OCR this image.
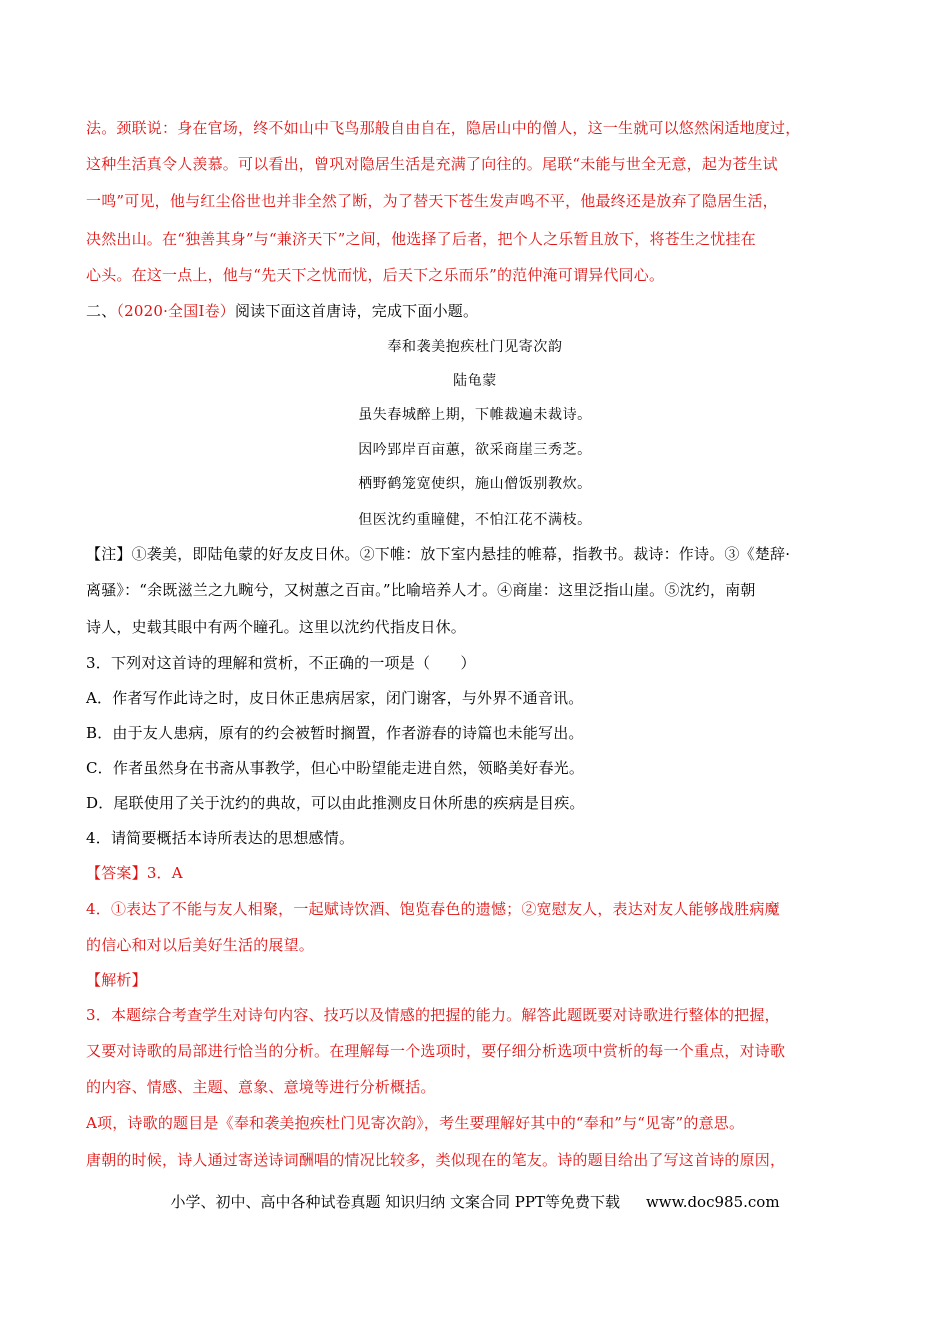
法。颈联说：身在官场，终不如山中飞鸟那般自由自在，隐居山中的僧人，这一生就可以悠然闲适地度过，
这种生活真令人羡慕。可以看出，曾巩对隐居生活是充满了向往的。尾联“未能与世全无意，起为苍生试
一鸣”可见，他与红尘俗世也并非全然了断，为了替天下苍生发声鸣不平，他最终还是放弃了隐居生活，
决然出山。在“独善其身”与“兼济天下”之间，他选择了后者，把个人之乐暂且放下，将苍生之忧挂在
心头。在这一点上，他与“先天下之忧而忧，后天下之乐而乐”的范仲淹可谓异代同心。
二、（2020·全国Ⅰ卷）阅读下面这首唐诗，完成下面小题。
奉和袭美抱疾杜门见寄次韵
陆龟蒙
虽失春城醉上期，下帷裁遍未裁诗。
因吟郢岸百亩蕙，欲采商崖三秀芝。
栖野鹤笼宽使织，施山僧饭别教炊。
但医沈约重瞳健，不怕江花不满枝。
【注】①袭美，即陆龟蒙的好友皮日休。②下帷：放下室内悬挂的帷幕，指教书。裁诗：作诗。③《楚辞·
离骚》：“余既滋兰之九畹兮，又树蕙之百亩。”比喻培养人才。④商崖：这里泛指山崖。⑤沈约，南朝
诗人，史载其眼中有两个瞳孔。这里以沈约代指皮日休。
3．下列对这首诗的理解和赏析，不正确的一项是（　　）
A．作者写作此诗之时，皮日休正患病居家，闭门谢客，与外界不通音讯。
B．由于友人患病，原有的约会被暂时搁置，作者游春的诗篇也未能写出。
C．作者虽然身在书斋从事教学，但心中盼望能走进自然，领略美好春光。
D．尾联使用了关于沈约的典故，可以由此推测皮日休所患的疾病是目疾。
4．请简要概括本诗所表达的思想感情。
【答案】3．A
4．①表达了不能与友人相聚，一起赋诗饮酒、饱览春色的遗憾；②宽慰友人，表达对友人能够战胜病魔
的信心和对以后美好生活的展望。
【解析】
3．本题综合考查学生对诗句内容、技巧以及情感的把握的能力。解答此题既要对诗歌进行整体的把握，
又要对诗歌的局部进行恰当的分析。在理解每一个选项时，要仔细分析选项中赏析的每一个重点，对诗歌
的内容、情感、主题、意象、意境等进行分析概括。
A项，诗歌的题目是《奉和袭美抱疾杜门见寄次韵》，考生要理解好其中的“奉和”与“见寄”的意思。
唐朝的时候，诗人通过寄送诗词酬唱的情况比较多，类似现在的笔友。诗的题目给出了写这首诗的原因，
小学、初中、高中各种试卷真题 知识归纳 文案合同 PPT等免费下载 www.doc985.com
